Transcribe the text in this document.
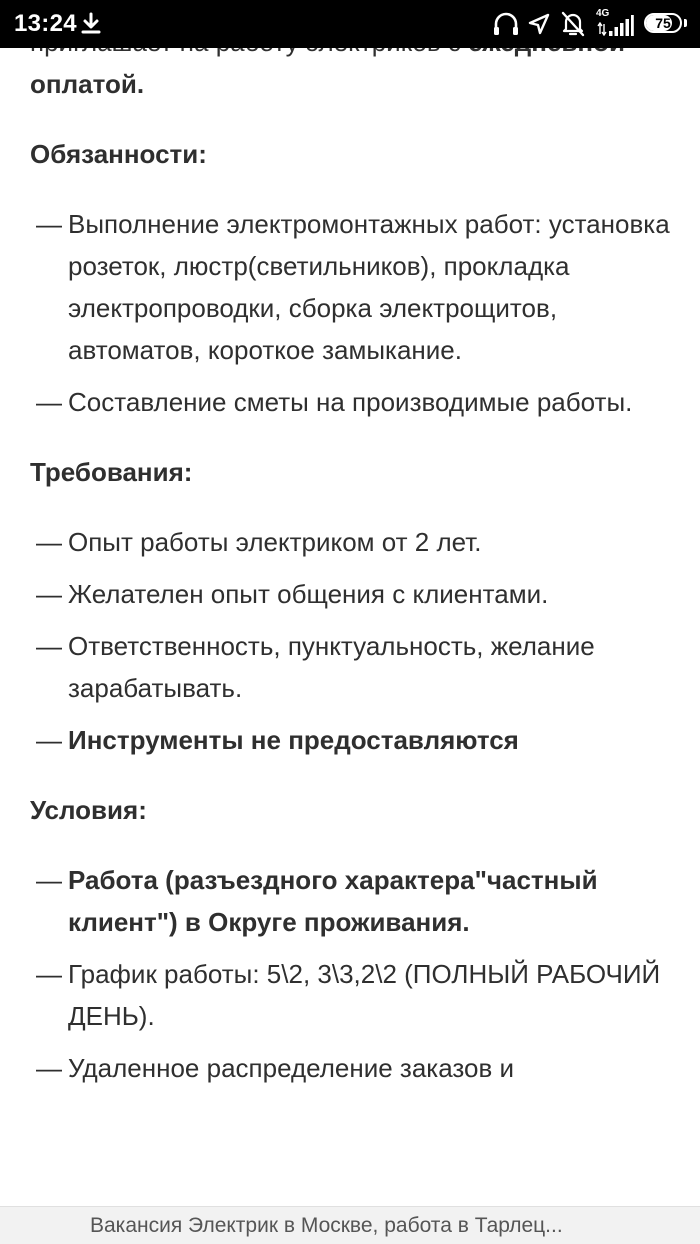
13:24	4G
75

оплатой.

Обязанности:
— Выполнение электромонтажных работ: установка розеток, люстр(светильников), прокладка электропроводки, сборка электрощитов, автоматов, короткое замыкание.
— Составление сметы на производимые работы.
Требования:
— Опыт работы электриком от 2 лет.
— Желателен опыт общения с клиентами.
— Ответственность, пунктуальность, желание зарабатывать.
— Инструменты не предоставляются
Условия:
— Работа (разъездного характера"частный клиент") в Округе проживания.
— График работы: 5\2, 3\3,2\2 (ПОЛНЫЙ РАБОЧИЙ ДЕНЬ).
— Удаленное распределение заказов и
Вакансия Электрик в Москве, работа в Тарлец...
